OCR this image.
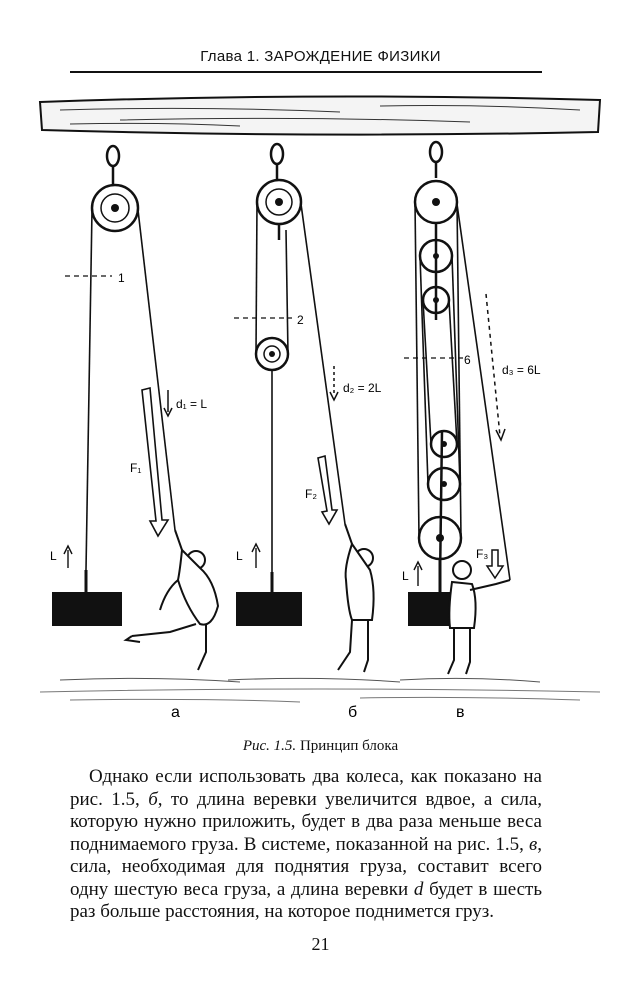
Глава 1. ЗАРОЖДЕНИЕ ФИЗИКИ
1
F₁
d₁ = L
L
а
2
d₂ = 2L
F₂
L
б
6
d₃ = 6L
F₃
L
в
Рис. 1.5. Принцип блока

 Однако если использовать два колеса, как показано на рис. 1.5, б, то длина веревки увеличится вдвое, а сила, которую нужно приложить, будет в два раза меньше веса поднимаемого груза. В системе, показанной на рис. 1.5, в, сила, необходимая для поднятия груза, составит всего одну шестую веса груза, а длина веревки d будет в шесть раз больше расстояния, на которое поднимется груз.

21
